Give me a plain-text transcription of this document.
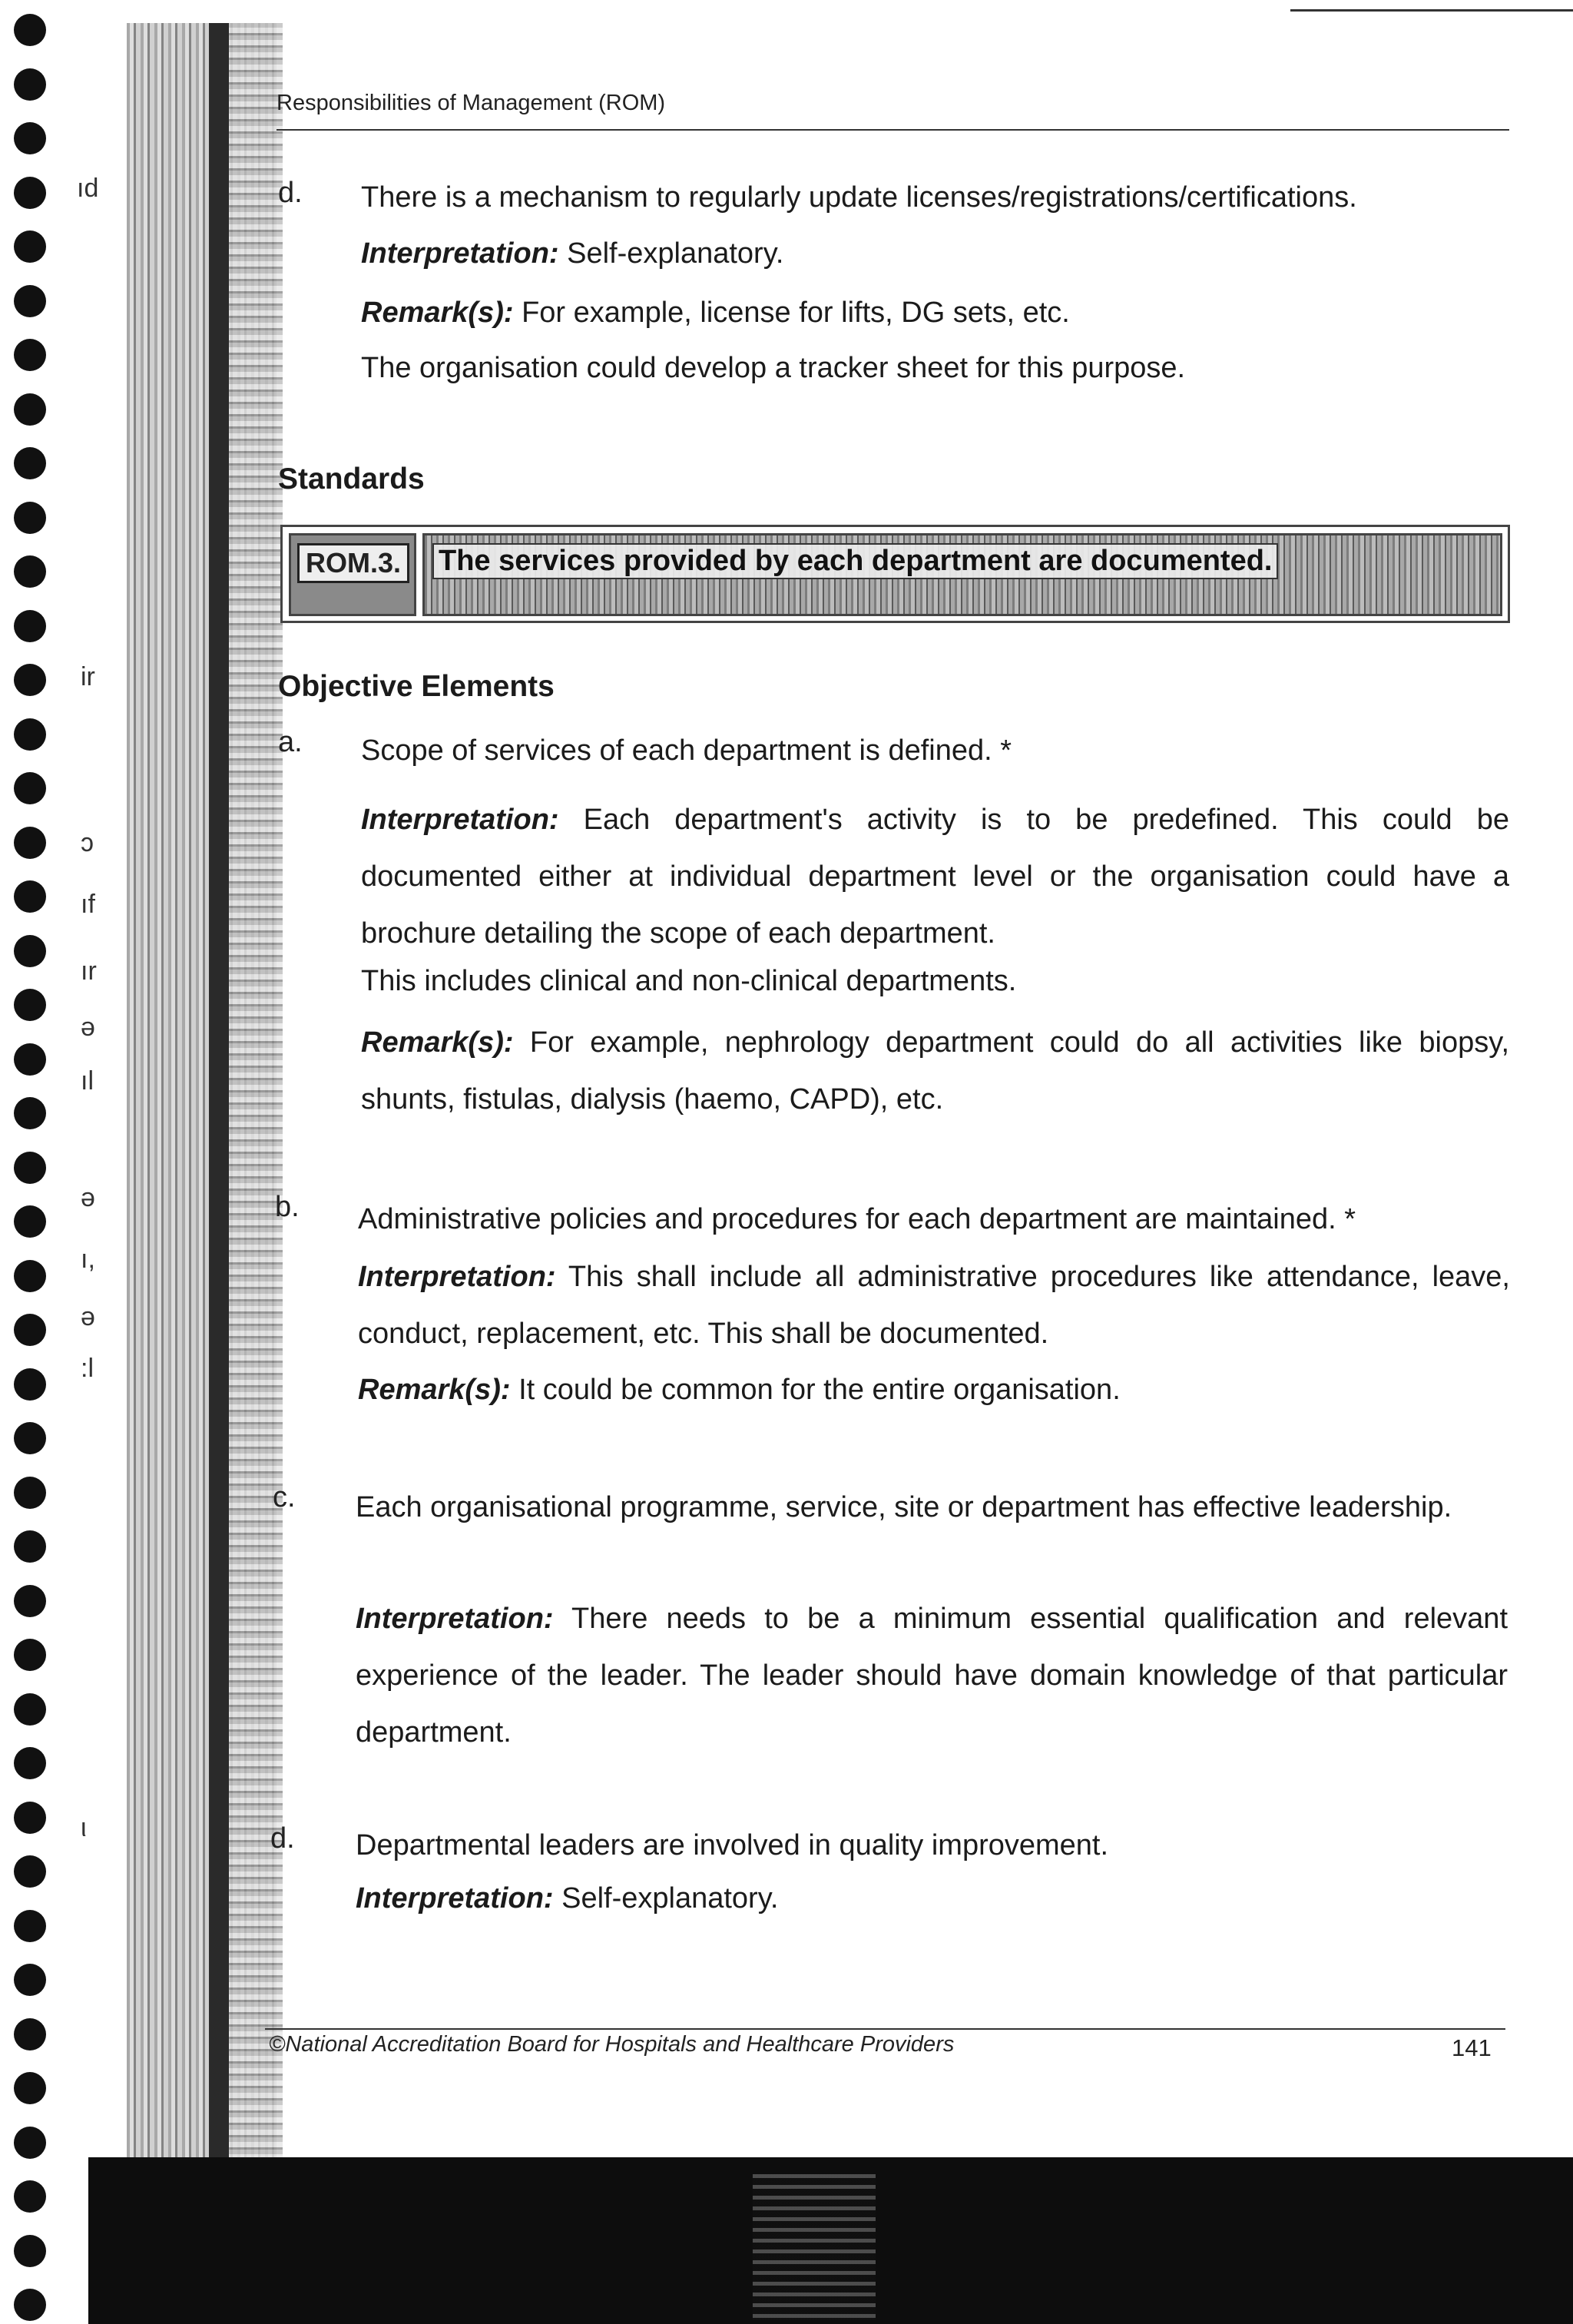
ıd
ir
ɔ
ıf
ır
ə
ıl
ə
ı,
ə
:l
ι
Responsibilities of Management (ROM)
d. There is a mechanism to regularly update licenses/registrations/certifications.
Interpretation: Self-explanatory.
Remark(s): For example, license for lifts, DG sets, etc.
The organisation could develop a tracker sheet for this purpose.
Standards
ROM.3. The services provided by each department are documented.
Objective Elements
a. Scope of services of each department is defined. *
Interpretation: Each department's activity is to be predefined. This could be documented either at individual department level or the organisation could have a brochure detailing the scope of each department.
This includes clinical and non-clinical departments.
Remark(s): For example, nephrology department could do all activities like biopsy, shunts, fistulas, dialysis (haemo, CAPD), etc.
b. Administrative policies and procedures for each department are maintained. *
Interpretation: This shall include all administrative procedures like attendance, leave, conduct, replacement, etc. This shall be documented.
Remark(s): It could be common for the entire organisation.
c. Each organisational programme, service, site or department has effective leadership.
Interpretation: There needs to be a minimum essential qualification and relevant experience of the leader. The leader should have domain knowledge of that particular department.
d. Departmental leaders are involved in quality improvement.
Interpretation: Self-explanatory.
©National Accreditation Board for Hospitals and Healthcare Providers	141
